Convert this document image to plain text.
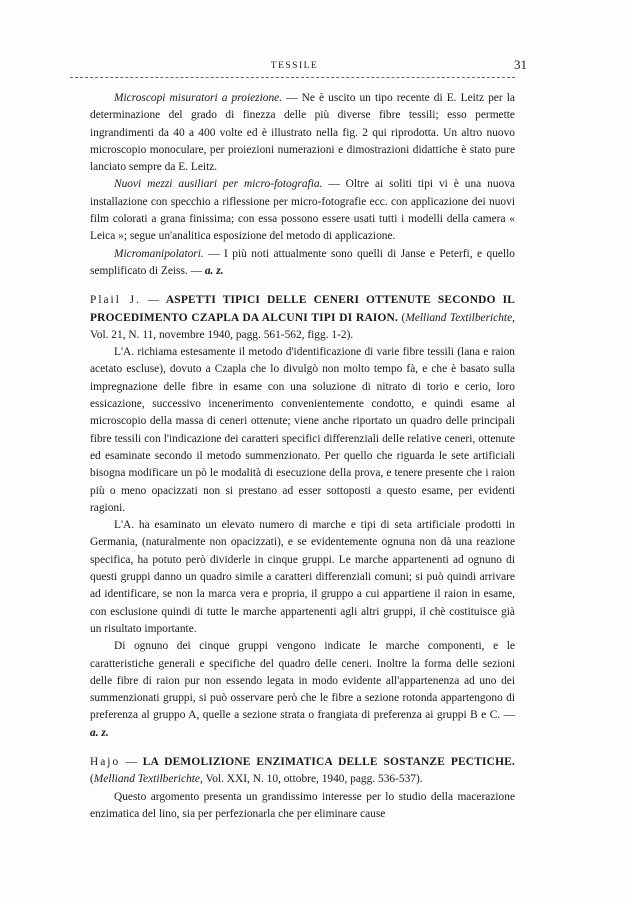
TESSILE	31

Microscopi misuratori a proiezione. — Ne è uscito un tipo recente di E. Leitz per la determinazione del grado di finezza delle più diverse fibre tessili; esso permette ingrandimenti da 40 a 400 volte ed è illustrato nella fig. 2 qui riprodotta. Un altro nuovo microscopio monoculare, per proiezioni numerazioni e dimostrazioni didattiche è stato pure lanciato sempre da E. Leitz.

Nuovi mezzi ausiliari per micro-fotografia. — Oltre ai soliti tipi vi è una nuova installazione con specchio a riflessione per micro-fotografie ecc. con applicazione dei nuovi film colorati a grana finissima; con essa possono essere usati tutti i modelli della camera « Leica »; segue un'analitica esposizione del metodo di applicazione.

Micromanipolatori. — I più noti attualmente sono quelli di Janse e Peterfi, e quello semplificato di Zeiss. — a. z.

Plail J. — ASPETTI TIPICI DELLE CENERI OTTENUTE SECONDO IL PROCEDIMENTO CZAPLA DA ALCUNI TIPI DI RAION. (Melliand Textilberichte, Vol. 21, N. 11, novembre 1940, pagg. 561-562, figg. 1-2).

L'A. richiama estesamente il metodo d'identificazione di varie fibre tessili (lana e raion acetato escluse), dovuto a Czapla che lo divulgò non molto tempo fà, e che è basato sulla impregnazione delle fibre in esame con una soluzione di nitrato di torio e cerio, loro essicazione, successivo incenerimento convenientemente condotto, e quindi esame al microscopio della massa di ceneri ottenute; viene anche riportato un quadro delle principali fibre tessili con l'indicazione dei caratteri specifici differenziali delle relative ceneri, ottenute ed esaminate secondo il metodo summenzionato. Per quello che riguarda le sete artificiali bisogna modificare un pò le modalità di esecuzione della prova, e tenere presente che i raion più o meno opacizzati non si prestano ad esser sottoposti a questo esame, per evidenti ragioni.

L'A. ha esaminato un elevato numero di marche e tipi di seta artificiale prodotti in Germania, (naturalmente non opacizzati), e se evidentemente ognuna non dà una reazione specifica, ha potuto però dividerle in cinque gruppi. Le marche appartenenti ad ognuno di questi gruppi danno un quadro simile a caratteri differenziali comuni; si può quindi arrivare ad identificare, se non la marca vera e propria, il gruppo a cui appartiene il raion in esame, con esclusione quindi di tutte le marche appartenenti agli altri gruppi, il chè costituisce già un risultato importante.

Di ognuno dei cinque gruppi vengono indicate le marche componenti, e le caratteristiche generali e specifiche del quadro delle ceneri. Inoltre la forma delle sezioni delle fibre di raion pur non essendo legata in modo evidente all'appartenenza ad uno dei summenzionati gruppi, si può osservare però che le fibre a sezione rotonda appartengono di preferenza al gruppo A, quelle a sezione strata o frangiata di preferenza ai gruppi B e C. — a. z.

Hajo — LA DEMOLIZIONE ENZIMATICA DELLE SOSTANZE PECTICHE. (Melliand Textilberichte, Vol. XXI, N. 10, ottobre, 1940, pagg. 536-537).

Questo argomento presenta un grandissimo interesse per lo studio della macerazione enzimatica del lino, sia per perfezionarla che per eliminare cause
